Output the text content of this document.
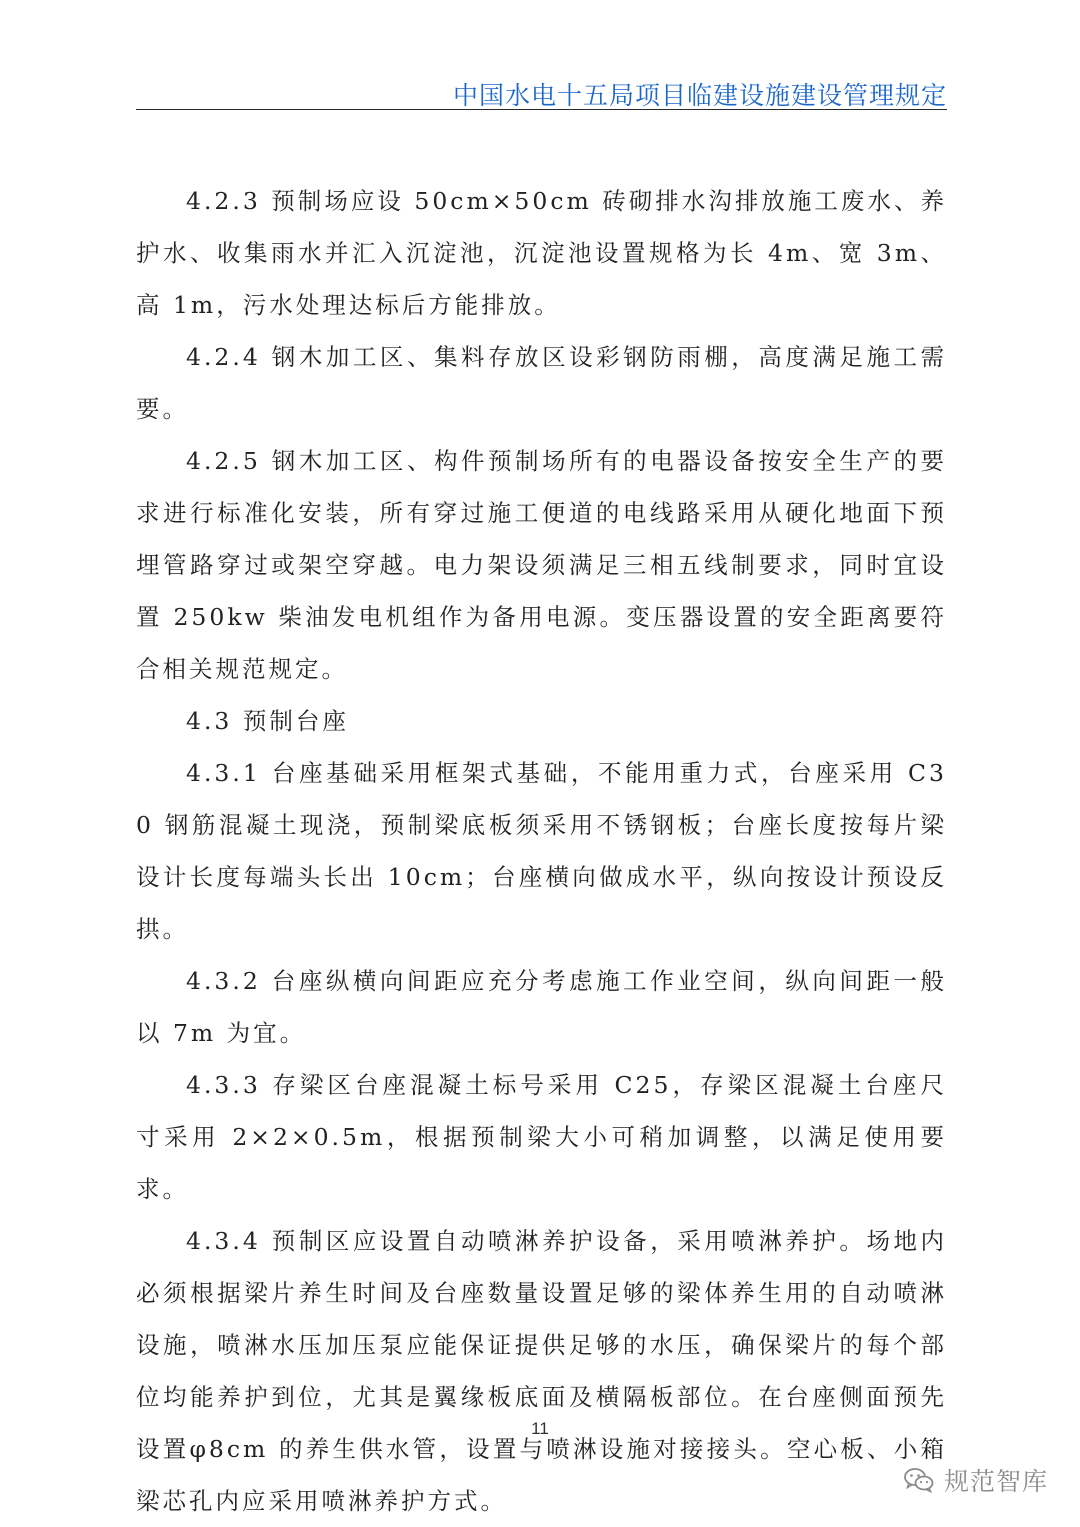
中国水电十五局项目临建设施建设管理规定

4.2.3 预制场应设 50cm×50cm 砖砌排水沟排放施工废水、养护水、收集雨水并汇入沉淀池，沉淀池设置规格为长 4m、宽 3m、高 1m，污水处理达标后方能排放。

4.2.4 钢木加工区、集料存放区设彩钢防雨棚，高度满足施工需要。

4.2.5 钢木加工区、构件预制场所有的电器设备按安全生产的要求进行标准化安装，所有穿过施工便道的电线路采用从硬化地面下预埋管路穿过或架空穿越。电力架设须满足三相五线制要求，同时宜设置 250kw 柴油发电机组作为备用电源。变压器设置的安全距离要符合相关规范规定。

4.3 预制台座

4.3.1 台座基础采用框架式基础，不能用重力式，台座采用 C30 钢筋混凝土现浇，预制梁底板须采用不锈钢板；台座长度按每片梁设计长度每端头长出 10cm；台座横向做成水平，纵向按设计预设反拱。

4.3.2 台座纵横向间距应充分考虑施工作业空间，纵向间距一般以 7m 为宜。

4.3.3 存梁区台座混凝土标号采用 C25，存梁区混凝土台座尺寸采用 2×2×0.5m，根据预制梁大小可稍加调整，以满足使用要求。

4.3.4 预制区应设置自动喷淋养护设备，采用喷淋养护。场地内必须根据梁片养生时间及台座数量设置足够的梁体养生用的自动喷淋设施，喷淋水压加压泵应能保证提供足够的水压，确保梁片的每个部位均能养护到位，尤其是翼缘板底面及横隔板部位。在台座侧面预先设置φ8cm 的养生供水管，设置与喷淋设施对接接头。空心板、小箱梁芯孔内应采用喷淋养护方式。

11
规范智库
